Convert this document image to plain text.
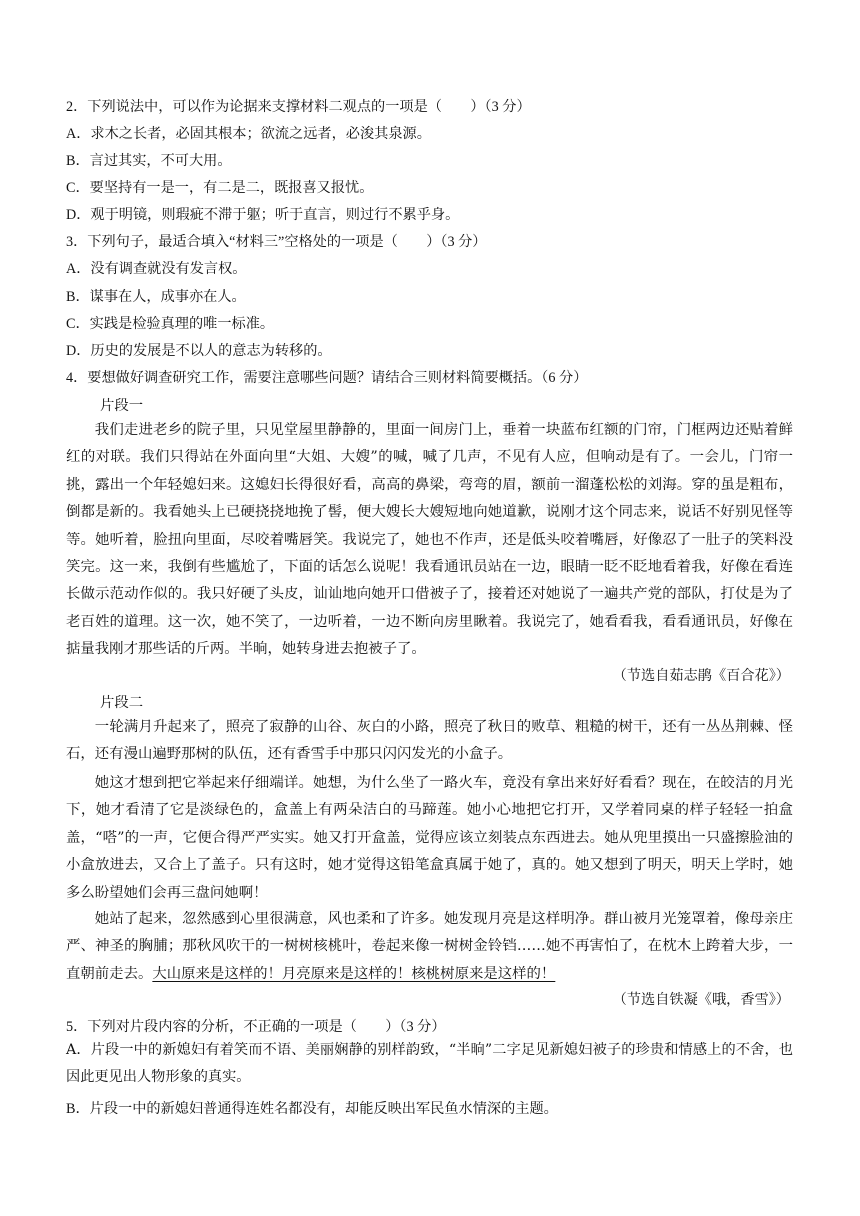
2．下列说法中，可以作为论据来支撑材料二观点的一项是（　　）（3 分）
A．求木之长者，必固其根本；欲流之远者，必浚其泉源。
B．言过其实，不可大用。
C．要坚持有一是一，有二是二，既报喜又报忧。
D．观于明镜，则瑕疵不滞于躯；听于直言，则过行不累乎身。
3．下列句子，最适合填入“材料三”空格处的一项是（　　）（3 分）
A．没有调查就没有发言权。
B．谋事在人，成事亦在人。
C．实践是检验真理的唯一标准。
D．历史的发展是不以人的意志为转移的。
4．要想做好调查研究工作，需要注意哪些问题？请结合三则材料简要概括。（6 分）
片段一
我们走进老乡的院子里，只见堂屋里静静的，里面一间房门上，垂着一块蓝布红额的门帘，门框两边还贴着鲜红的对联。我们只得站在外面向里“大姐、大嫂”的喊，喊了几声，不见有人应，但响动是有了。一会儿，门帘一挑，露出一个年轻媳妇来。这媳妇长得很好看，高高的鼻梁，弯弯的眉，额前一溜蓬松松的刘海。穿的虽是粗布，倒都是新的。我看她头上已硬挠挠地挽了髻，便大嫂长大嫂短地向她道歉，说刚才这个同志来，说话不好别见怪等等。她听着，脸扭向里面，尽咬着嘴唇笑。我说完了，她也不作声，还是低头咬着嘴唇，好像忍了一肚子的笑料没笑完。这一来，我倒有些尴尬了，下面的话怎么说呢！我看通讯员站在一边，眼睛一眨不眨地看着我，好像在看连长做示范动作似的。我只好硬了头皮，讪讪地向她开口借被子了，接着还对她说了一遍共产党的部队，打仗是为了老百姓的道理。这一次，她不笑了，一边听着，一边不断向房里瞅着。我说完了，她看看我，看看通讯员，好像在掂量我刚才那些话的斤两。半晌，她转身进去抱被子了。
（节选自茹志鹃《百合花》）
片段二
一轮满月升起来了，照亮了寂静的山谷、灰白的小路，照亮了秋日的败草、粗糙的树干，还有一丛丛荆棘、怪石，还有漫山遍野那树的队伍，还有香雪手中那只闪闪发光的小盒子。
她这才想到把它举起来仔细端详。她想，为什么坐了一路火车，竟没有拿出来好好看看？现在，在皎洁的月光下，她才看清了它是淡绿色的，盒盖上有两朵洁白的马蹄莲。她小心地把它打开，又学着同桌的样子轻轻一拍盒盖，“嗒”的一声，它便合得严严实实。她又打开盒盖，觉得应该立刻装点东西进去。她从兜里摸出一只盛擦脸油的小盒放进去，又合上了盖子。只有这时，她才觉得这铅笔盒真属于她了，真的。她又想到了明天，明天上学时，她多么盼望她们会再三盘问她啊！
她站了起来，忽然感到心里很满意，风也柔和了许多。她发现月亮是这样明净。群山被月光笼罩着，像母亲庄严、神圣的胸脯；那秋风吹干的一树树核桃叶，卷起来像一树树金铃铛……她不再害怕了，在枕木上跨着大步，一直朝前走去。大山原来是这样的！月亮原来是这样的！核桃树原来是这样的！
（节选自铁凝《哦，香雪》）
5．下列对片段内容的分析，不正确的一项是（　　）（3 分）
A．片段一中的新媳妇有着笑而不语、美丽娴静的别样韵致，“半晌”二字足见新媳妇被子的珍贵和情感上的不舍，也因此更见出人物形象的真实。
B．片段一中的新媳妇普通得连姓名都没有，却能反映出军民鱼水情深的主题。
